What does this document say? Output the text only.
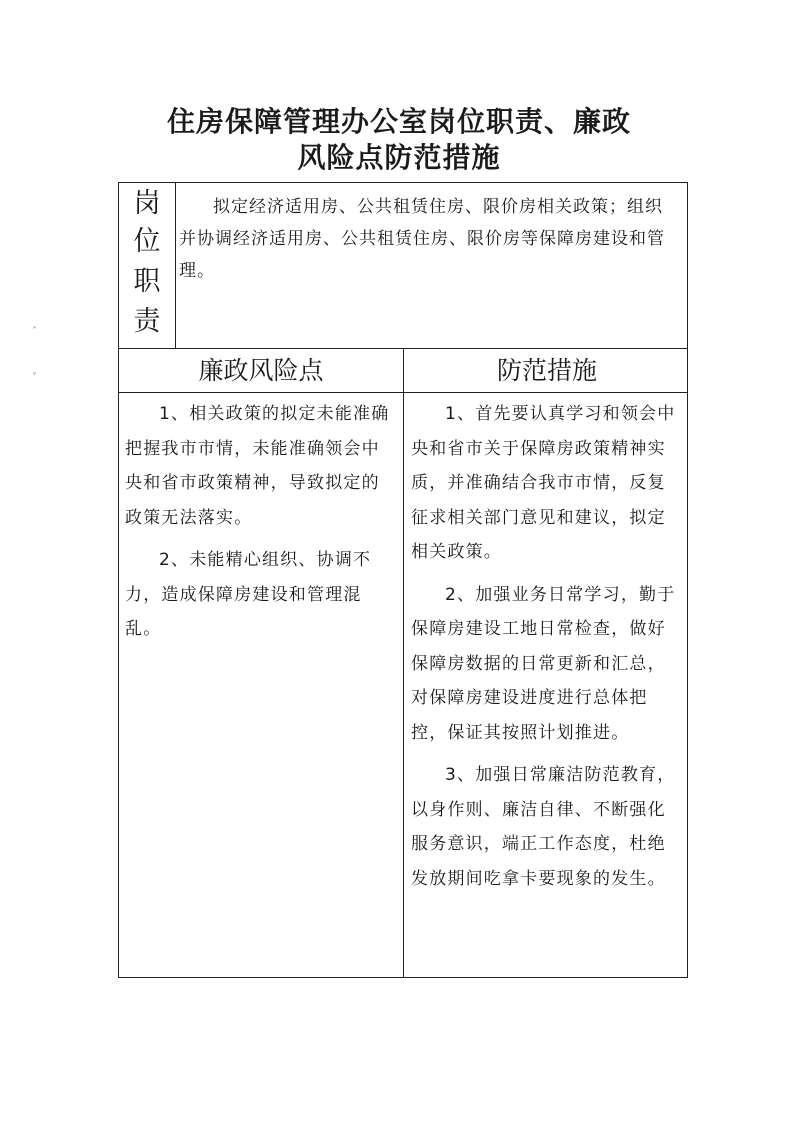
住房保障管理办公室岗位职责、廉政
风险点防范措施
岗
位
职
责

拟定经济适用房、公共租赁住房、限价房相关政策；组织并协调经济适用房、公共租赁住房、限价房等保障房建设和管理。

廉政风险点	防范措施

1、相关政策的拟定未能准确把握我市市情，未能准确领会中央和省市政策精神，导致拟定的政策无法落实。

2、未能精心组织、协调不力，造成保障房建设和管理混乱。

1、首先要认真学习和领会中央和省市关于保障房政策精神实质，并准确结合我市市情，反复征求相关部门意见和建议，拟定相关政策。

2、加强业务日常学习，勤于保障房建设工地日常检查，做好保障房数据的日常更新和汇总，对保障房建设进度进行总体把控，保证其按照计划推进。

3、加强日常廉洁防范教育，以身作则、廉洁自律、不断强化服务意识，端正工作态度，杜绝发放期间吃拿卡要现象的发生。

˄
˅
